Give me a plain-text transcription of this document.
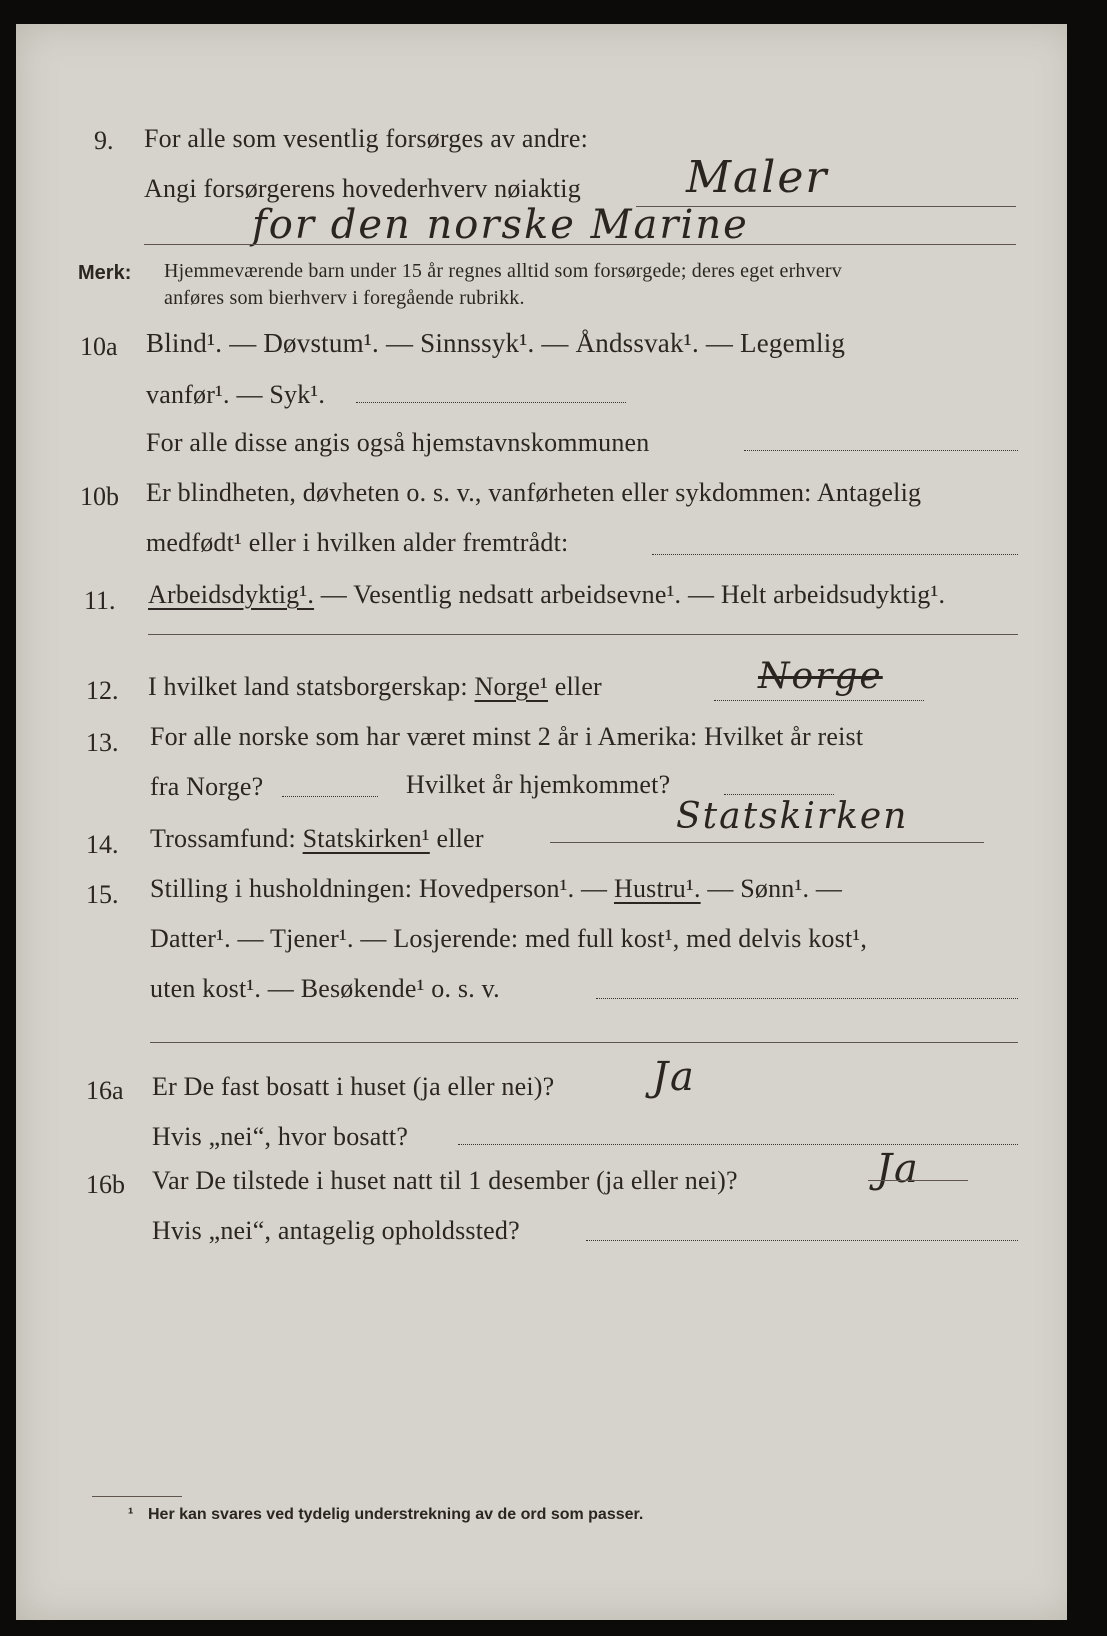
9. For alle som vesentlig forsørges av andre:
Angi forsørgerens hovederhverv nøiaktig Maler
for den norske Marine
Merk: Hjemmeværende barn under 15 år regnes alltid som forsørgede; deres eget erhverv
anføres som bierhverv i foregående rubrikk.
10a Blind¹. — Døvstum¹. — Sinnssyk¹. — Åndssvak¹. — Legemlig
vanfør¹. — Syk¹.
For alle disse angis også hjemstavnskommunen
10b Er blindheten, døvheten o. s. v., vanførheten eller sykdommen: Antagelig
medfødt¹ eller i hvilken alder fremtrådt:
11. Arbeidsdyktig¹. — Vesentlig nedsatt arbeidsevne¹. — Helt arbeidsudyktig¹.
12. I hvilket land statsborgerskap: Norge¹ eller	Norge
13. For alle norske som har været minst 2 år i Amerika: Hvilket år reist
fra Norge?	Hvilket år hjemkommet?
14. Trossamfund: Statskirken¹ eller
Statskirken
15. Stilling i husholdningen: Hovedperson¹. — Hustru¹. — Sønn¹. —
Datter¹. — Tjener¹. — Losjerende: med full kost¹, med delvis kost¹,
uten kost¹. — Besøkende¹ o. s. v.
16a Er De fast bosatt i huset (ja eller nei)? Ja
Hvis „nei“, hvor bosatt?
16b Var De tilstede i huset natt til 1 desember (ja eller nei)?	Ja
Hvis „nei“, antagelig opholdssted?
¹ Her kan svares ved tydelig understrekning av de ord som passer.
